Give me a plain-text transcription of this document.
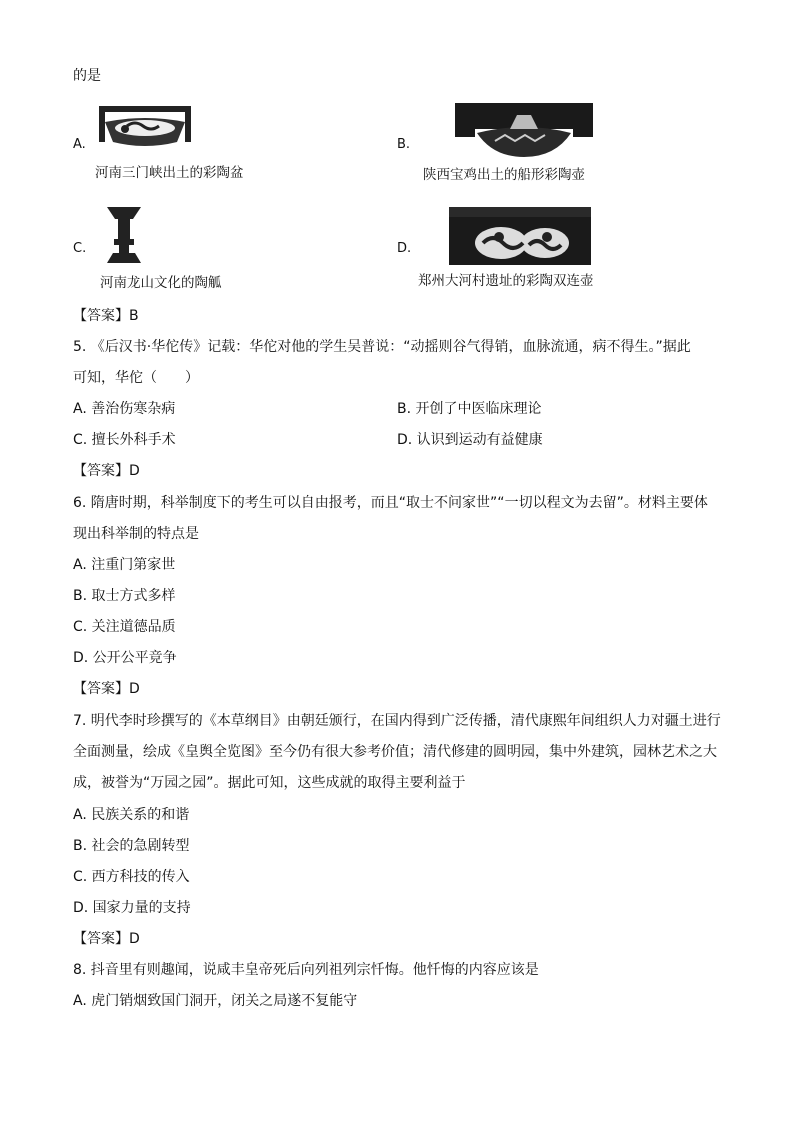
的是
A.
河南三门峡出土的彩陶盆
B.
陕西宝鸡出土的船形彩陶壶
C.
河南龙山文化的陶觚
D.
郑州大河村遗址的彩陶双连壶
【答案】B
5. 《后汉书·华佗传》记载：华佗对他的学生吴普说：“动摇则谷气得销，血脉流通，病不得生。”据此
可知，华佗（　　）
A. 善治伤寒杂病	B. 开创了中医临床理论
C. 擅长外科手术	D. 认识到运动有益健康
【答案】D
6. 隋唐时期，科举制度下的考生可以自由报考，而且“取士不问家世”“一切以程文为去留”。材料主要体
现出科举制的特点是
A. 注重门第家世
B. 取士方式多样
C. 关注道德品质
D. 公开公平竞争
【答案】D
7. 明代李时珍撰写的《本草纲目》由朝廷颁行，在国内得到广泛传播，清代康熙年间组织人力对疆土进行
全面测量，绘成《皇舆全览图》至今仍有很大参考价值；清代修建的圆明园，集中外建筑，园林艺术之大
成，被誉为“万园之园”。据此可知，这些成就的取得主要利益于
A. 民族关系的和谐
B. 社会的急剧转型
C. 西方科技的传入
D. 国家力量的支持
【答案】D
8. 抖音里有则趣闻，说咸丰皇帝死后向列祖列宗忏悔。他忏悔的内容应该是
A. 虎门销烟致国门洞开，闭关之局遂不复能守
